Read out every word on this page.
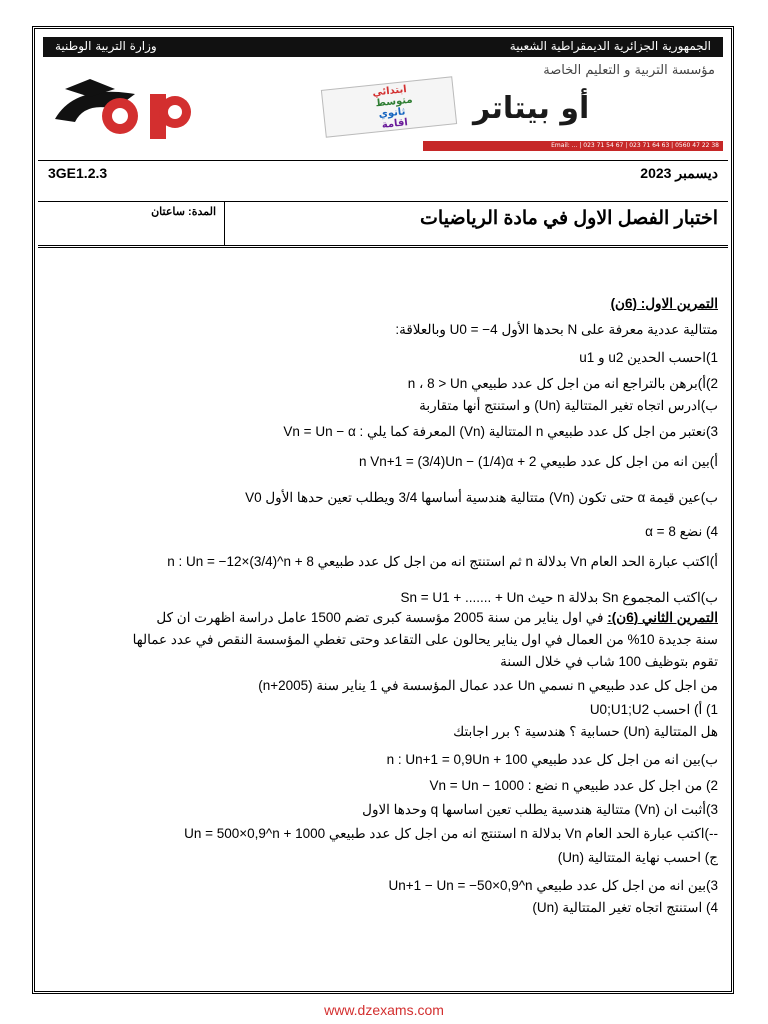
وزارة التربية الوطنية	الجمهورية الجزائرية الديمقراطية الشعبية
مؤسسة التربية و التعليم الخاصة
ابتدائي
متوسط
ثانوي
اقامة أو بيتاتر
Email: ... | 023 71 54 67 | 023 71 64 63 | 0560 47 22 38
3GE1.2.3	ديسمبر 2023
المدة: ساعتان	اختبار الفصل الاول في مادة الرياضيات
التمرين الاول: (6ن)
متتالية عددية معرفة على N بحدها الأول 4− = U0 وبالعلاقة:
1)احسب الحدين u2 و u1
2)أ)برهن بالتراجع انه من اجل كل عدد طبيعي n ، 8 > Un
ب)ادرس اتجاه تغير المتتالية (Un) و استنتج أنها متقاربة
3)نعتبر من اجل كل عدد طبيعي n المتتالية (Vn) المعرفة كما يلي : Vn = Un − α
أ)بين انه من اجل كل عدد طبيعي n Vn+1 = (3/4)Un − (1/4)α + 2
ب)عين قيمة α حتى تكون (Vn) متتالية هندسية أساسها 3/4 ويطلب تعين حدها الأول V0
4) نضع α = 8
أ)اكتب عبارة الحد العام Vn بدلالة n ثم استنتج انه من اجل كل عدد طبيعي n : Un = −12×(3/4)^n + 8
ب)اكتب المجموع Sn بدلالة n حيث Sn = U1 + ....... + Un
التمرين الثاني (6ن): في اول يناير من سنة 2005 مؤسسة كبرى تضم 1500 عامل دراسة اظهرت ان كل
سنة جديدة 10% من العمال في اول يناير يحالون على التقاعد وحتى تغطي المؤسسة النقص في عدد عمالها
تقوم بتوظيف 100 شاب في خلال السنة
من اجل كل عدد طبيعي n نسمي Un عدد عمال المؤسسة في 1 يناير سنة (n+2005)
1) أ) احسب U0;U1;U2
هل المتتالية (Un) حسابية ؟ هندسية ؟ برر اجابتك
ب)بين انه من اجل كل عدد طبيعي n : Un+1 = 0,9Un + 100
2) من اجل كل عدد طبيعي n نضع : Vn = Un − 1000
3)أثبت ان (Vn) متتالية هندسية يطلب تعين اساسها q وحدها الاول
--)اكتب عبارة الحد العام Vn بدلالة n استنتج انه من اجل كل عدد طبيعي Un = 500×0,9^n + 1000
ج) احسب نهاية المتتالية (Un)
3)بين انه من اجل كل عدد طبيعي Un+1 − Un = −50×0,9^n
4) استنتج اتجاه تغير المتتالية (Un)
www.dzexams.com
